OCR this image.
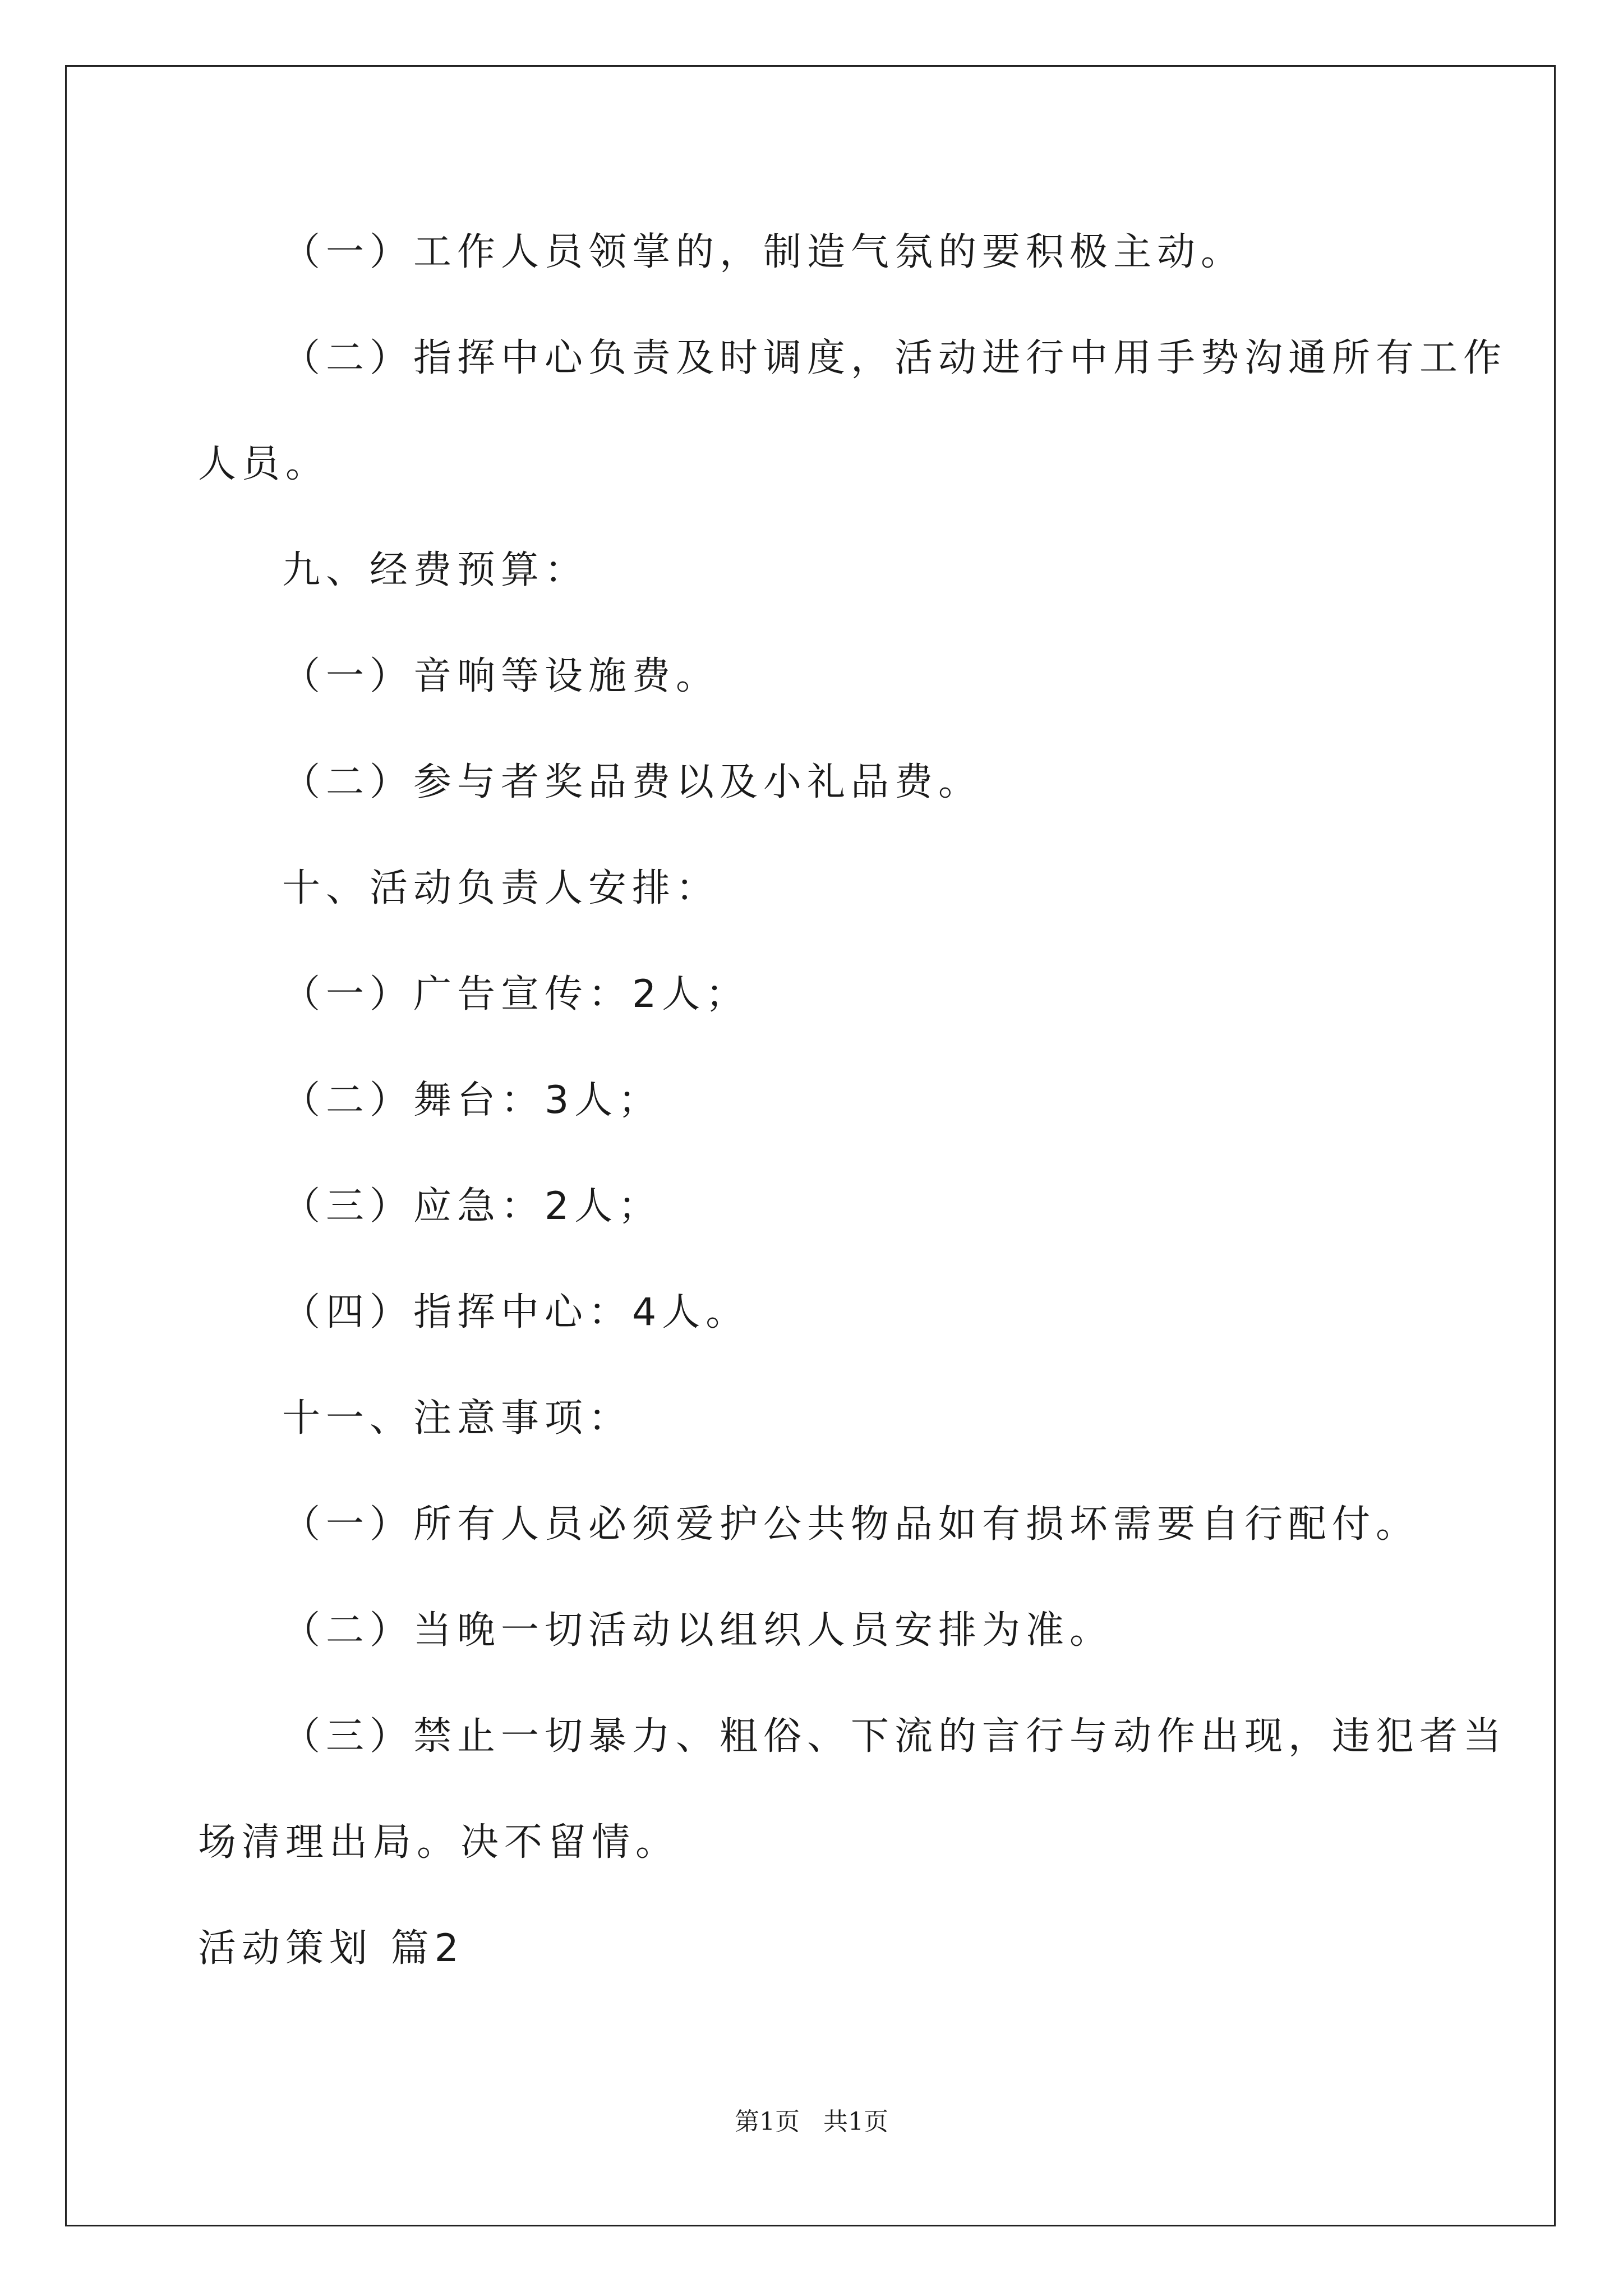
（一）工作人员领掌的，制造气氛的要积极主动。
（二）指挥中心负责及时调度，活动进行中用手势沟通所有工作
人员。
九、经费预算：
（一）音响等设施费。
（二）参与者奖品费以及小礼品费。
十、活动负责人安排：
（一）广告宣传：2人；
（二）舞台：3人；
（三）应急：2人；
（四）指挥中心：4人。
十一、注意事项：
（一）所有人员必须爱护公共物品如有损坏需要自行配付。
（二）当晚一切活动以组织人员安排为准。
（三）禁止一切暴力、粗俗、下流的言行与动作出现，违犯者当
场清理出局。决不留情。
活动策划 篇2
第1页 共1页
